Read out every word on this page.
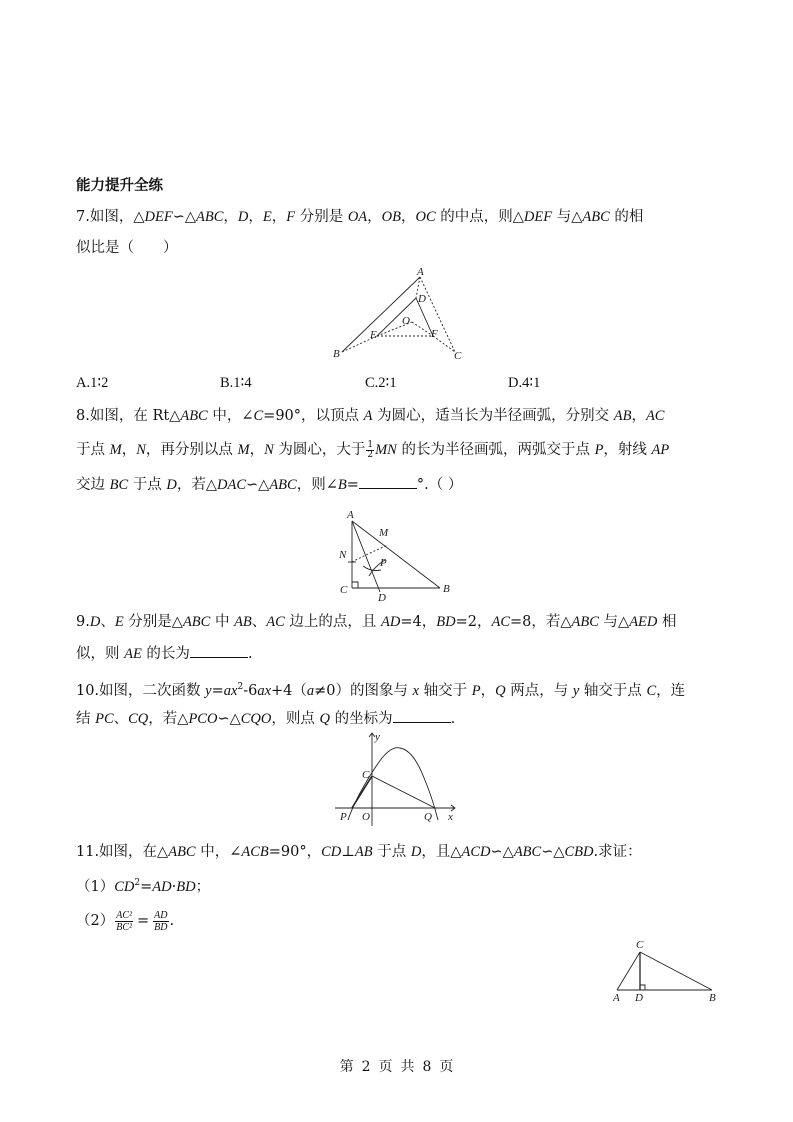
能力提升全练
7.如图，△DEF∽△ABC，D，E，F 分别是 OA，OB，OC 的中点，则△DEF 与△ABC 的相
似比是（　　）
A
D
O
E	F
B	C
A.1∶2	B.1∶4	C.2∶1	D.4∶1
8.如图，在 Rt△ABC 中，∠C=90°，以顶点 A 为圆心，适当长为半径画弧，分别交 AB，AC
于点 M，N，再分别以点 M，N 为圆心，大于 $\frac{1}{2}$ MN 的长为半径画弧，两弧交于点 P，射线 AP
交边 BC 于点 D，若△DAC∽△ABC，则∠B=	°.（ ）
A
M
N
P
C
D
B
9.D、E 分别是△ABC 中 AB、AC 边上的点，且 AD=4，BD=2，AC=8，若△ABC 与△AED 相
似，则 AE 的长为	.
10.如图，二次函数 $y=ax^2-6ax+4(a\ne 0)$的图象与 x 轴交于 P，Q 两点，与 y 轴交于点 C，连
结 PC、CQ，若△PCO∽△CQO，则点 Q 的坐标为	.
y
C
P O	Q x
11.如图，在△ABC 中，∠ACB=90°，CD⊥AB 于点 D，且△ACD∽△ABC∽△CBD.求证：
$(1)CD^2=AD\cdot BD$；
$(2) \frac{\text{AC²}}{\text{BC²}} = \frac{AD}{BD}$ .
C
A D	B
第 2 页 共 8 页
